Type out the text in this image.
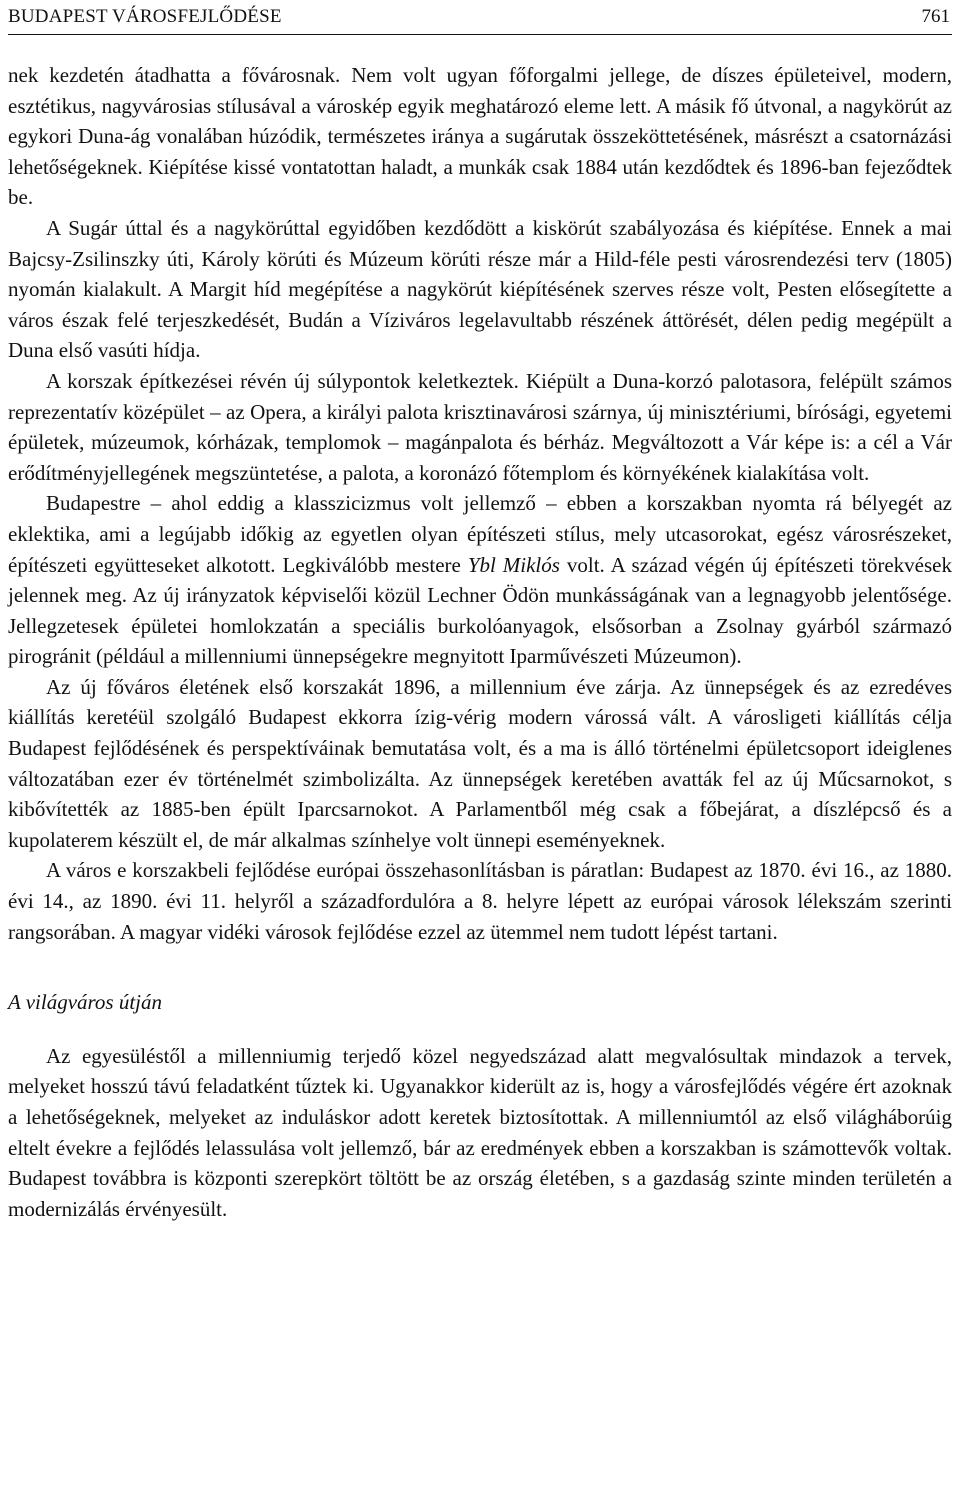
BUDAPEST VÁROSFEJLŐDÉSE	761

nek kezdetén átadhatta a fővárosnak. Nem volt ugyan főforgalmi jellege, de díszes épületeivel, modern, esztétikus, nagyvárosias stílusával a városkép egyik meghatározó eleme lett. A másik fő útvonal, a nagykörút az egykori Duna-ág vonalában húzódik, természetes iránya a sugárutak összeköttetésének, másrészt a csatornázási lehetőségeknek. Kiépítése kissé vontatottan haladt, a munkák csak 1884 után kezdődtek és 1896-ban fejeződtek be.

A Sugár úttal és a nagykörúttal egyidőben kezdődött a kiskörút szabályozása és kiépítése. Ennek a mai Bajcsy-Zsilinszky úti, Károly körúti és Múzeum körúti része már a Hild-féle pesti városrendezési terv (1805) nyomán kialakult. A Margit híd megépítése a nagykörút kiépítésének szerves része volt, Pesten elősegítette a város észak felé terjeszkedését, Budán a Víziváros legelavultabb részének áttörését, délen pedig megépült a Duna első vasúti hídja.

A korszak építkezései révén új súlypontok keletkeztek. Kiépült a Duna-korzó palotasora, felépült számos reprezentatív középület – az Opera, a királyi palota krisztinavárosi szárnya, új minisztériumi, bírósági, egyetemi épületek, múzeumok, kórházak, templomok – magánpalota és bérház. Megváltozott a Vár képe is: a cél a Vár erődítményjellegének megszüntetése, a palota, a koronázó főtemplom és környékének kialakítása volt.

Budapestre – ahol eddig a klasszicizmus volt jellemző – ebben a korszakban nyomta rá bélyegét az eklektika, ami a legújabb időkig az egyetlen olyan építészeti stílus, mely utcasorokat, egész városrészeket, építészeti együtteseket alkotott. Legkiválóbb mestere Ybl Miklós volt. A század végén új építészeti törekvések jelennek meg. Az új irányzatok képviselői közül Lechner Ödön munkásságának van a legnagyobb jelentősége. Jellegzetesek épületei homlokzatán a speciális burkolóanyagok, elsősorban a Zsolnay gyárból származó pirogránit (például a millenniumi ünnepségekre megnyitott Iparművészeti Múzeumon).

Az új főváros életének első korszakát 1896, a millennium éve zárja. Az ünnepségek és az ezredéves kiállítás keretéül szolgáló Budapest ekkorra ízig-vérig modern várossá vált. A városligeti kiállítás célja Budapest fejlődésének és perspektíváinak bemutatása volt, és a ma is álló történelmi épületcsoport ideiglenes változatában ezer év történelmét szimbolizálta. Az ünnepségek keretében avatták fel az új Műcsarnokot, s kibővítették az 1885-ben épült Iparcsarnokot. A Parlamentből még csak a főbejárat, a díszlépcső és a kupolaterem készült el, de már alkalmas színhelye volt ünnepi eseményeknek.

A város e korszakbeli fejlődése európai összehasonlításban is páratlan: Budapest az 1870. évi 16., az 1880. évi 14., az 1890. évi 11. helyről a századfordulóra a 8. helyre lépett az európai városok lélekszám szerinti rangsorában. A magyar vidéki városok fejlődése ezzel az ütemmel nem tudott lépést tartani.

A világváros útján

Az egyesüléstől a millenniumig terjedő közel negyedszázad alatt megvalósultak mindazok a tervek, melyeket hosszú távú feladatként tűztek ki. Ugyanakkor kiderült az is, hogy a városfejlődés végére ért azoknak a lehetőségeknek, melyeket az induláskor adott keretek biztosítottak. A millenniumtól az első világháborúig eltelt évekre a fejlődés lelassulása volt jellemző, bár az eredmények ebben a korszakban is számottevők voltak. Budapest továbbra is központi szerepkört töltött be az ország életében, s a gazdaság szinte minden területén a modernizálás érvényesült.
